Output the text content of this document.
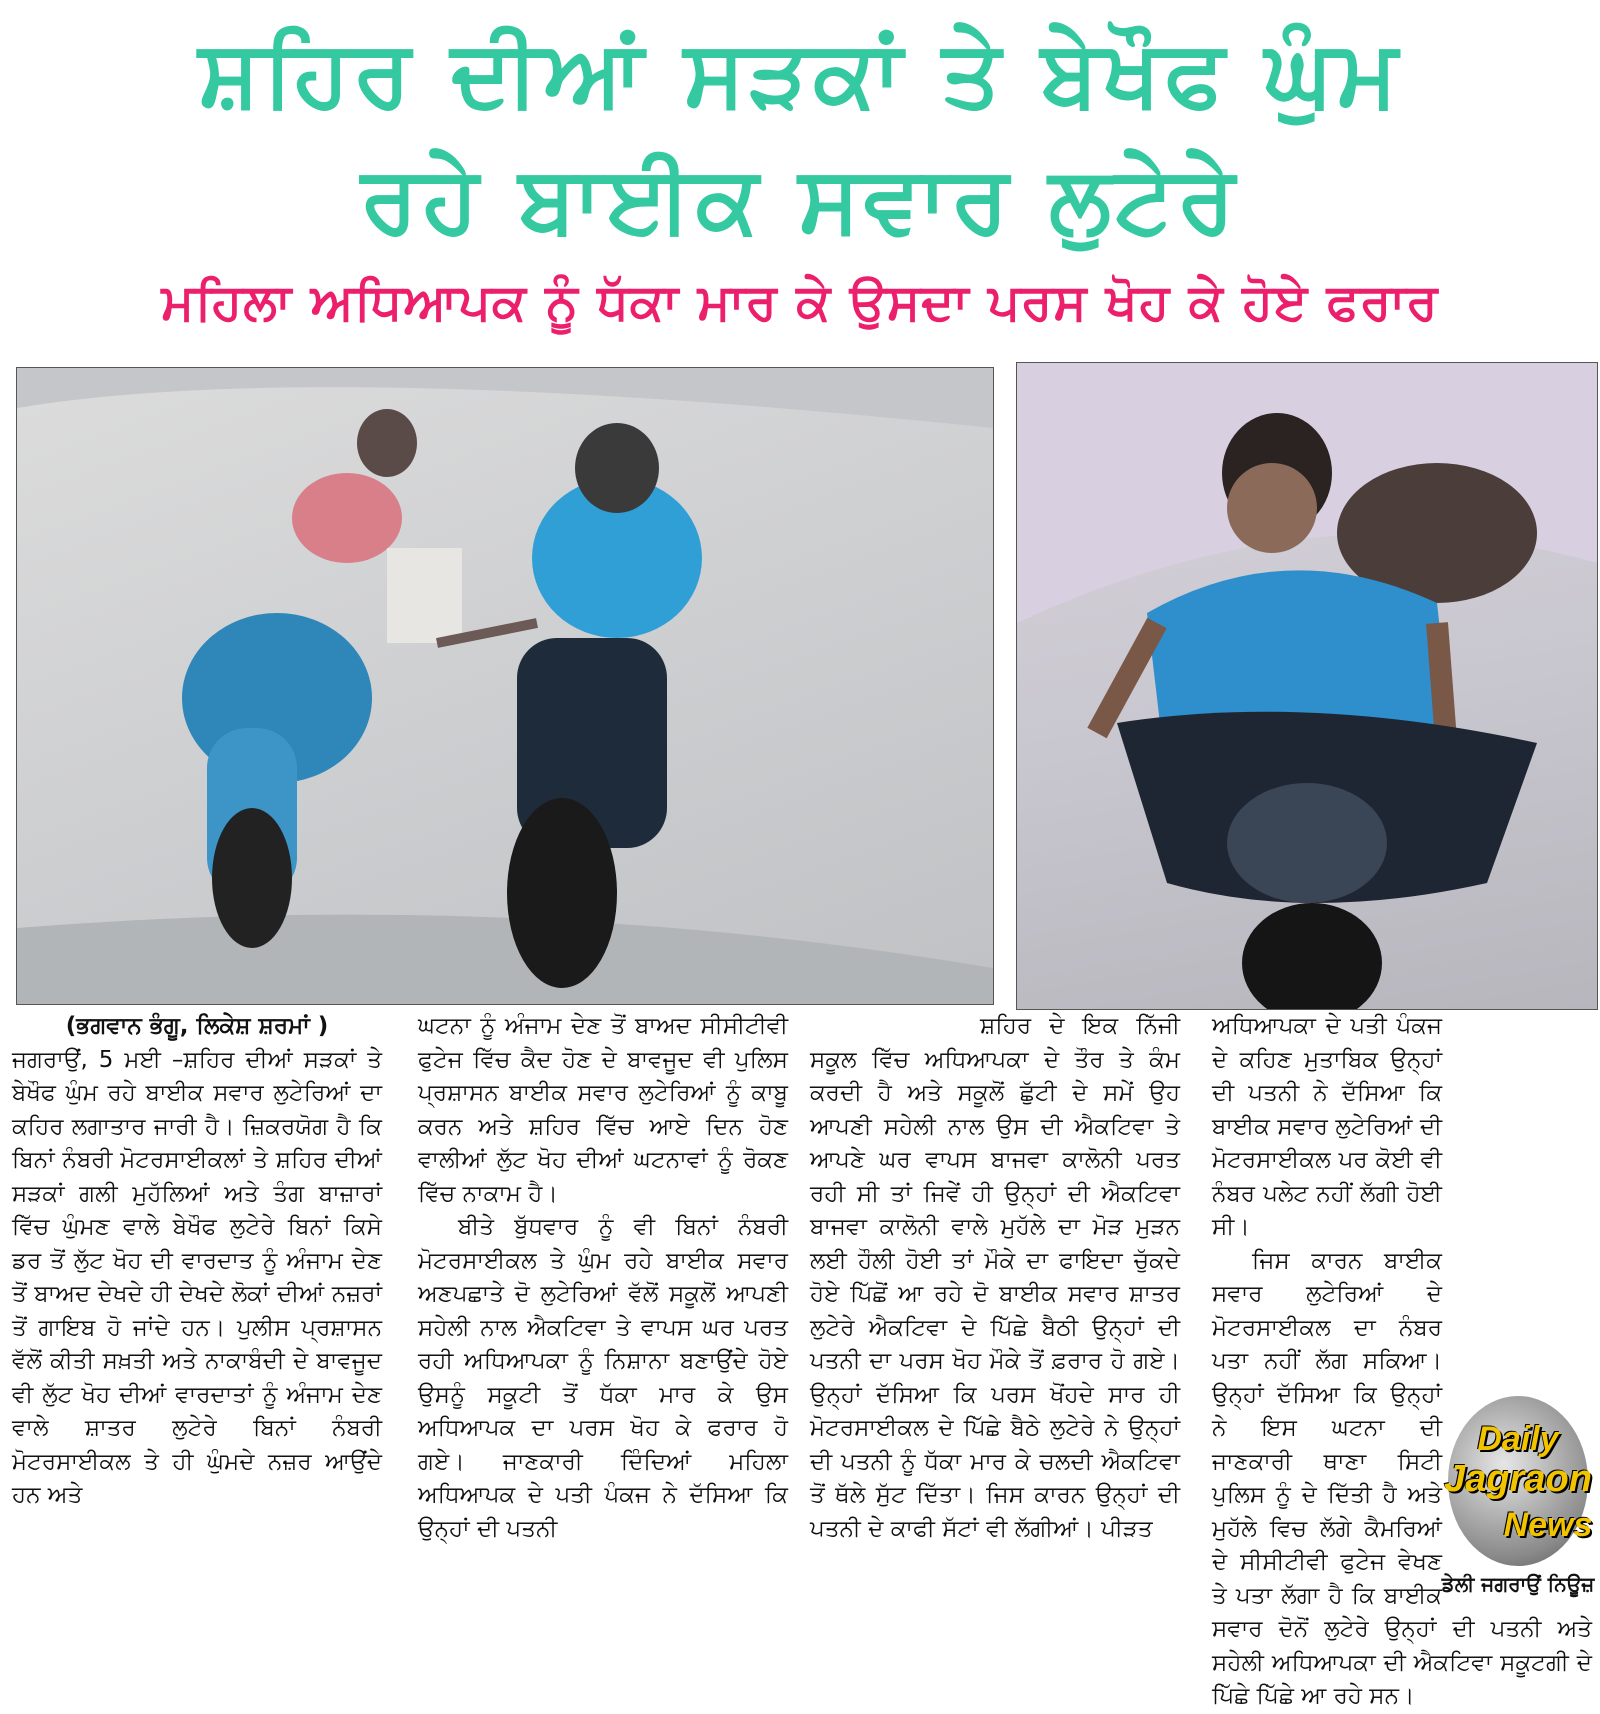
ਸ਼ਹਿਰ ਦੀਆਂ ਸੜਕਾਂ ਤੇ ਬੇਖੌਫ ਘੁੰਮ
ਰਹੇ ਬਾਈਕ ਸਵਾਰ ਲੁਟੇਰੇ
ਮਹਿਲਾ ਅਧਿਆਪਕ ਨੂੰ ਧੱਕਾ ਮਾਰ ਕੇ ਉਸਦਾ ਪਰਸ ਖੋਹ ਕੇ ਹੋਏ ਫਰਾਰ

(ਭਗਵਾਨ ਭੰਗੂ, ਲਿਕੇਸ਼ ਸ਼ਰਮਾਂ )

ਜਗਰਾਉਂ, 5 ਮਈ –ਸ਼ਹਿਰ ਦੀਆਂ ਸੜਕਾਂ ਤੇ ਬੇਖੌਫ ਘੁੰਮ ਰਹੇ ਬਾਈਕ ਸਵਾਰ ਲੁਟੇਰਿਆਂ ਦਾ ਕਹਿਰ ਲਗਾਤਾਰ ਜਾਰੀ ਹੈ। ਜ਼ਿਕਰਯੋਗ ਹੈ ਕਿ ਬਿਨਾਂ ਨੰਬਰੀ ਮੋਟਰਸਾਈਕਲਾਂ ਤੇ ਸ਼ਹਿਰ ਦੀਆਂ ਸੜਕਾਂ ਗਲੀ ਮੁਹੱਲਿਆਂ ਅਤੇ ਤੰਗ ਬਾਜ਼ਾਰਾਂ ਵਿੱਚ ਘੁੰਮਣ ਵਾਲੇ ਬੇਖੌਫ ਲੁਟੇਰੇ ਬਿਨਾਂ ਕਿਸੇ ਡਰ ਤੋਂ ਲੁੱਟ ਖੋਹ ਦੀ ਵਾਰਦਾਤ ਨੂੰ ਅੰਜਾਮ ਦੇਣ ਤੋਂ ਬਾਅਦ ਦੇਖਦੇ ਹੀ ਦੇਖਦੇ ਲੋਕਾਂ ਦੀਆਂ ਨਜ਼ਰਾਂ ਤੋਂ ਗਾਇਬ ਹੋ ਜਾਂਦੇ ਹਨ। ਪੁਲੀਸ ਪ੍ਰਸ਼ਾਸਨ ਵੱਲੋਂ ਕੀਤੀ ਸਖ਼ਤੀ ਅਤੇ ਨਾਕਾਬੰਦੀ ਦੇ ਬਾਵਜੂਦ ਵੀ ਲੁੱਟ ਖੋਹ ਦੀਆਂ ਵਾਰਦਾਤਾਂ ਨੂੰ ਅੰਜਾਮ ਦੇਣ ਵਾਲੇ ਸ਼ਾਤਰ ਲੁਟੇਰੇ ਬਿਨਾਂ ਨੰਬਰੀ ਮੋਟਰਸਾਈਕਲ ਤੇ ਹੀ ਘੁੰਮਦੇ ਨਜ਼ਰ ਆਉਂਦੇ ਹਨ ਅਤੇ

ਘਟਨਾ ਨੂੰ ਅੰਜਾਮ ਦੇਣ ਤੋਂ ਬਾਅਦ ਸੀਸੀਟੀਵੀ ਫੁਟੇਜ ਵਿੱਚ ਕੈਦ ਹੋਣ ਦੇ ਬਾਵਜੂਦ ਵੀ ਪੁਲਿਸ ਪ੍ਰਸ਼ਾਸਨ ਬਾਈਕ ਸਵਾਰ ਲੁਟੇਰਿਆਂ ਨੂੰ ਕਾਬੂ ਕਰਨ ਅਤੇ ਸ਼ਹਿਰ ਵਿੱਚ ਆਏ ਦਿਨ ਹੋਣ ਵਾਲੀਆਂ ਲੁੱਟ ਖੋਹ ਦੀਆਂ ਘਟਨਾਵਾਂ ਨੂੰ ਰੋਕਣ ਵਿੱਚ ਨਾਕਾਮ ਹੈ।

ਬੀਤੇ ਬੁੱਧਵਾਰ ਨੂੰ ਵੀ ਬਿਨਾਂ ਨੰਬਰੀ ਮੋਟਰਸਾਈਕਲ ਤੇ ਘੁੰਮ ਰਹੇ ਬਾਈਕ ਸਵਾਰ ਅਣਪਛਾਤੇ ਦੋ ਲੁਟੇਰਿਆਂ ਵੱਲੋਂ ਸਕੂਲੋਂ ਆਪਣੀ ਸਹੇਲੀ ਨਾਲ ਐਕਟਿਵਾ ਤੇ ਵਾਪਸ ਘਰ ਪਰਤ ਰਹੀ ਅਧਿਆਪਕਾ ਨੂੰ ਨਿਸ਼ਾਨਾ ਬਣਾਉਂਦੇ ਹੋਏ ਉਸਨੂੰ ਸਕੂਟੀ ਤੋਂ ਧੱਕਾ ਮਾਰ ਕੇ ਉਸ ਅਧਿਆਪਕ ਦਾ ਪਰਸ ਖੋਹ ਕੇ ਫਰਾਰ ਹੋ ਗਏ। ਜਾਣਕਾਰੀ ਦਿੰਦਿਆਂ ਮਹਿਲਾ ਅਧਿਆਪਕ ਦੇ ਪਤੀ ਪੰਕਜ ਨੇ ਦੱਸਿਆ ਕਿ ਉਨ੍ਹਾਂ ਦੀ ਪਤਨੀ

ਸ਼ਹਿਰ ਦੇ ਇਕ ਨਿੱਜੀ ਸਕੂਲ ਵਿੱਚ ਅਧਿਆਪਕਾ ਦੇ ਤੌਰ ਤੇ ਕੰਮ ਕਰਦੀ ਹੈ ਅਤੇ ਸਕੂਲੋਂ ਛੁੱਟੀ ਦੇ ਸਮੇਂ ਉਹ ਆਪਣੀ ਸਹੇਲੀ ਨਾਲ ਉਸ ਦੀ ਐਕਟਿਵਾ ਤੇ ਆਪਣੇ ਘਰ ਵਾਪਸ ਬਾਜਵਾ ਕਾਲੋਨੀ ਪਰਤ ਰਹੀ ਸੀ ਤਾਂ ਜਿਵੇਂ ਹੀ ਉਨ੍ਹਾਂ ਦੀ ਐਕਟਿਵਾ ਬਾਜਵਾ ਕਾਲੋਨੀ ਵਾਲੇ ਮੁਹੱਲੇ ਦਾ ਮੋੜ ਮੁੜਨ ਲਈ ਹੌਲੀ ਹੋਈ ਤਾਂ ਮੌਕੇ ਦਾ ਫਾਇਦਾ ਚੁੱਕਦੇ ਹੋਏ ਪਿੱਛੋਂ ਆ ਰਹੇ ਦੋ ਬਾਈਕ ਸਵਾਰ ਸ਼ਾਤਰ ਲੁਟੇਰੇ ਐਕਟਿਵਾ ਦੇ ਪਿੱਛੇ ਬੈਠੀ ਉਨ੍ਹਾਂ ਦੀ ਪਤਨੀ ਦਾ ਪਰਸ ਖੋਹ ਮੌਕੇ ਤੋਂ ਫ਼ਰਾਰ ਹੋ ਗਏ। ਉਨ੍ਹਾਂ ਦੱਸਿਆ ਕਿ ਪਰਸ ਖੋਂਹਦੇ ਸਾਰ ਹੀ ਮੋਟਰਸਾਈਕਲ ਦੇ ਪਿੱਛੇ ਬੈਠੇ ਲੁਟੇਰੇ ਨੇ ਉਨ੍ਹਾਂ ਦੀ ਪਤਨੀ ਨੂੰ ਧੱਕਾ ਮਾਰ ਕੇ ਚਲਦੀ ਐਕਟਿਵਾ ਤੋਂ ਥੱਲੇ ਸੁੱਟ ਦਿੱਤਾ। ਜਿਸ ਕਾਰਨ ਉਨ੍ਹਾਂ ਦੀ ਪਤਨੀ ਦੇ ਕਾਫੀ ਸੱਟਾਂ ਵੀ ਲੱਗੀਆਂ। ਪੀੜਤ

ਅਧਿਆਪਕਾ ਦੇ ਪਤੀ ਪੰਕਜ ਦੇ ਕਹਿਣ ਮੁਤਾਬਿਕ ਉਨ੍ਹਾਂ ਦੀ ਪਤਨੀ ਨੇ ਦੱਸਿਆ ਕਿ ਬਾਈਕ ਸਵਾਰ ਲੁਟੇਰਿਆਂ ਦੀ ਮੋਟਰਸਾਈਕਲ ਪਰ ਕੋਈ ਵੀ ਨੰਬਰ ਪਲੇਟ ਨਹੀਂ ਲੱਗੀ ਹੋਈ ਸੀ।

ਜਿਸ ਕਾਰਨ ਬਾਈਕ ਸਵਾਰ ਲੁਟੇਰਿਆਂ ਦੇ ਮੋਟਰਸਾਈਕਲ ਦਾ ਨੰਬਰ ਪਤਾ ਨਹੀਂ ਲੱਗ ਸਕਿਆ। ਉਨ੍ਹਾਂ ਦੱਸਿਆ ਕਿ ਉਨ੍ਹਾਂ ਨੇ ਇਸ ਘਟਨਾ ਦੀ ਜਾਣਕਾਰੀ ਥਾਣਾ ਸਿਟੀ ਪੁਲਿਸ ਨੂੰ ਦੇ ਦਿੱਤੀ ਹੈ ਅਤੇ ਮੁਹੱਲੇ ਵਿਚ ਲੱਗੇ ਕੈਮਰਿਆਂ ਦੇ ਸੀਸੀਟੀਵੀ ਫੁਟੇਜ ਵੇਖਣ ਤੇ ਪਤਾ ਲੱਗਾ ਹੈ ਕਿ ਬਾਈਕ ਸਵਾਰ ਦੋਨੋਂ ਲੁਟੇਰੇ ਉਨ੍ਹਾਂ ਦੀ ਪਤਨੀ ਅਤੇ ਸਹੇਲੀ ਅਧਿਆਪਕਾ ਦੀ ਐਕਟਿਵਾ ਸਕੂਟਗੀ ਦੇ ਪਿੱਛੇ ਪਿੱਛੇ ਆ ਰਹੇ ਸਨ।

Daily
Jagraon
News
ਡੇਲੀ ਜਗਰਾਉਂ ਨਿਊਜ਼
